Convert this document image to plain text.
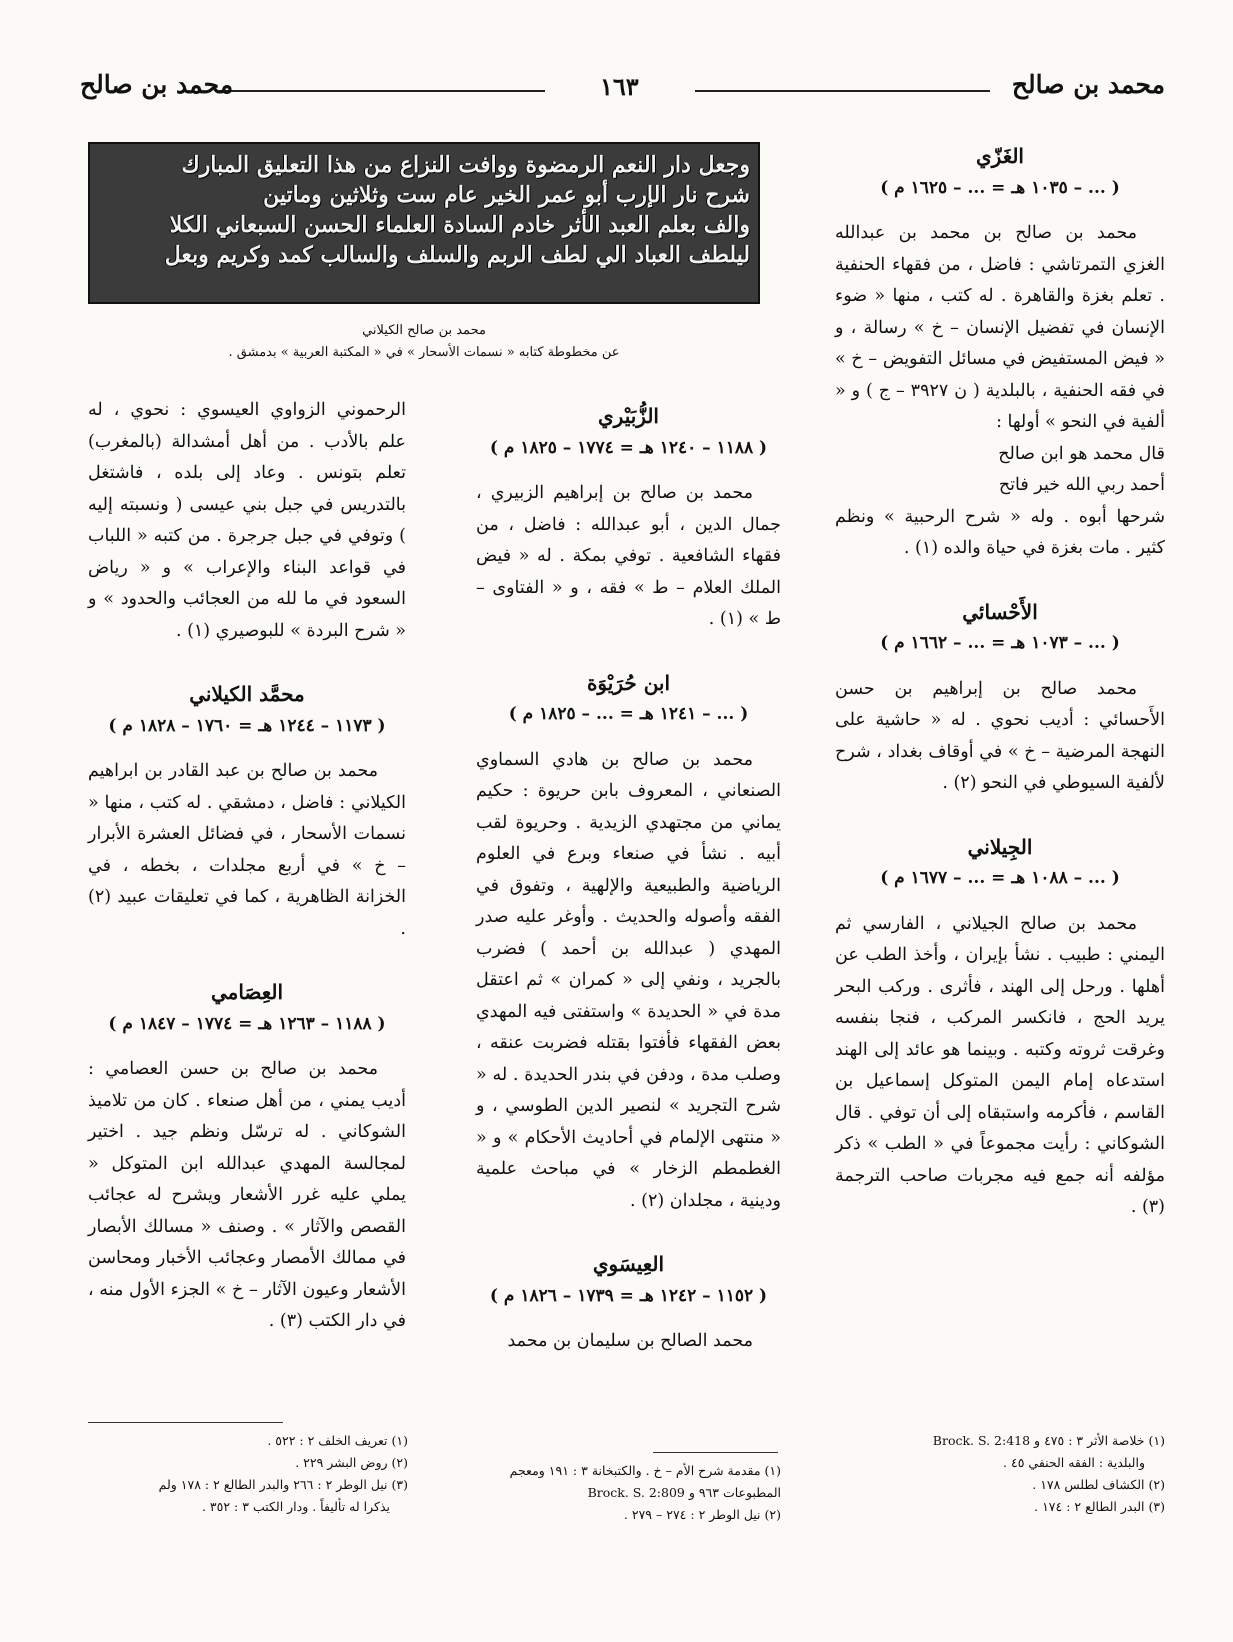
محمد بن صالح
١٦٣
محمد بن صالح
وجعل دار النعم الرمضوة ووافت النزاع من هذا التعليق المبارك
شرح نار الإرب أبو عمر الخير عام ست وثلاثين وماتين
والف بعلم العبد الأثر خادم السادة العلماء الحسن السبعاني الكلا
ليلطف العباد الي لطف الربم والسلف والسالب كمد وكريم وبعل
محمد بن صالح الكيلاني
عن مخطوطة كتابه « نسمات الأسحار » في « المكتبة العربية » بدمشق .
الغَزّي
( ... – ١٠٣٥ هـ = ... – ١٦٢٥ م )

محمد بن صالح بن محمد بن عبدالله الغزي التمرتاشي : فاضل ، من فقهاء الحنفية . تعلم بغزة والقاهرة . له كتب ، منها « ضوء الإنسان في تفضيل الإنسان – خ » رسالة ، و « فيض المستفيض في مسائل التفويض – خ » في فقه الحنفية ، بالبلدية ( ن ٣٩٢٧ – ج ) و « ألفية في النحو » أولها :

قال محمد هو ابن صالح

أحمد ربي الله خير فاتح

شرحها أبوه . وله « شرح الرحبية » ونظم كثير . مات بغزة في حياة والده (١) .

الأَحْسائي
( ... – ١٠٧٣ هـ = ... – ١٦٦٢ م )

محمد صالح بن إبراهيم بن حسن الأَحسائي : أديب نحوي . له « حاشية على النهجة المرضية – خ » في أوقاف بغداد ، شرح لألفية السيوطي في النحو (٢) .

الجِيلاني
( ... – ١٠٨٨ هـ = ... – ١٦٧٧ م )

محمد بن صالح الجيلاني ، الفارسي ثم اليمني : طبيب . نشأ بإيران ، وأخذ الطب عن أهلها . ورحل إلى الهند ، فأثرى . وركب البحر يريد الحج ، فانكسر المركب ، فنجا بنفسه وغرقت ثروته وكتبه . وبينما هو عائد إلى الهند استدعاه إمام اليمن المتوكل إسماعيل بن القاسم ، فأكرمه واستبقاه إلى أن توفي . قال الشوكاني : رأيت مجموعاً في « الطب » ذكر مؤلفه أنه جمع فيه مجربات صاحب الترجمة (٣) .

الزُّبَيْري
( ١١٨٨ – ١٢٤٠ هـ = ١٧٧٤ – ١٨٢٥ م )

محمد بن صالح بن إبراهيم الزبيري ، جمال الدين ، أبو عبدالله : فاضل ، من فقهاء الشافعية . توفي بمكة . له « فيض الملك العلام – ط » فقه ، و « الفتاوى – ط » (١) .

ابن حُرَيْوَة
( ... – ١٢٤١ هـ = ... – ١٨٢٥ م )

محمد بن صالح بن هادي السماوي الصنعاني ، المعروف بابن حريوة : حكيم يماني من مجتهدي الزيدية . وحريوة لقب أبيه . نشأ في صنعاء وبرع في العلوم الرياضية والطبيعية والإلهية ، وتفوق في الفقه وأصوله والحديث . وأوغر عليه صدر المهدي ( عبدالله بن أحمد ) فضرب بالجريد ، ونفي إلى « كمران » ثم اعتقل مدة في « الحديدة » واستفتى فيه المهدي بعض الفقهاء فأفتوا بقتله فضربت عنقه ، وصلب مدة ، ودفن في بندر الحديدة . له « شرح التجريد » لنصير الدين الطوسي ، و « منتهى الإلمام في أحاديث الأحكام » و « الغطمطم الزخار » في مباحث علمية ودينية ، مجلدان (٢) .

العِيسَوي
( ١١٥٢ – ١٢٤٢ هـ = ١٧٣٩ – ١٨٢٦ م )

محمد الصالح بن سليمان بن محمد

الرحموني الزواوي العيسوي : نحوي ، له علم بالأدب . من أهل أمشدالة (بالمغرب) تعلم بتونس . وعاد إلى بلده ، فاشتغل بالتدريس في جبل بني عيسى ( ونسبته إليه ) وتوفي في جبل جرجرة . من كتبه « اللباب في قواعد البناء والإعراب » و « رياض السعود في ما لله من العجائب والحدود » و « شرح البردة » للبوصيري (١) .

محمَّد الكيلاني
( ١١٧٣ – ١٢٤٤ هـ = ١٧٦٠ – ١٨٢٨ م )

محمد بن صالح بن عبد القادر بن ابراهيم الكيلاني : فاضل ، دمشقي . له كتب ، منها « نسمات الأسحار ، في فضائل العشرة الأبرار – خ » في أربع مجلدات ، بخطه ، في الخزانة الظاهرية ، كما في تعليقات عبيد (٢) .

العِصَامي
( ١١٨٨ – ١٢٦٣ هـ = ١٧٧٤ – ١٨٤٧ م )

محمد بن صالح بن حسن العصامي : أديب يمني ، من أهل صنعاء . كان من تلاميذ الشوكاني . له ترسّل ونظم جيد . اختير لمجالسة المهدي عبدالله ابن المتوكل « يملي عليه غرر الأشعار ويشرح له عجائب القصص والآثار » . وصنف « مسالك الأبصار في ممالك الأمصار وعجائب الأخبار ومحاسن الأشعار وعيون الآثار – خ » الجزء الأول منه ، في دار الكتب (٣) .

(١) خلاصة الأثر ٣ : ٤٧٥ و Brock. S. 2:418
والبلدية : الفقه الحنفي ٤٥ .
(٢) الكشاف لطلس ١٧٨ .
(٣) البدر الطالع ٢ : ١٧٤ .
(١) مقدمة شرح الأم – خ . والكتبخانة ٣ : ١٩١ ومعجم
المطبوعات ٩٦٣ و Brock. S. 2:809
(٢) نيل الوطر ٢ : ٢٧٤ – ٢٧٩ .
(١) تعريف الخلف ٢ : ٥٢٢ .
(٢) روض البشر ٢٢٩ .
(٣) نيل الوطر ٢ : ٢٦٦ والبدر الطالع ٢ : ١٧٨ ولم
يذكرا له تأليفاً . ودار الكتب ٣ : ٣٥٢ .
